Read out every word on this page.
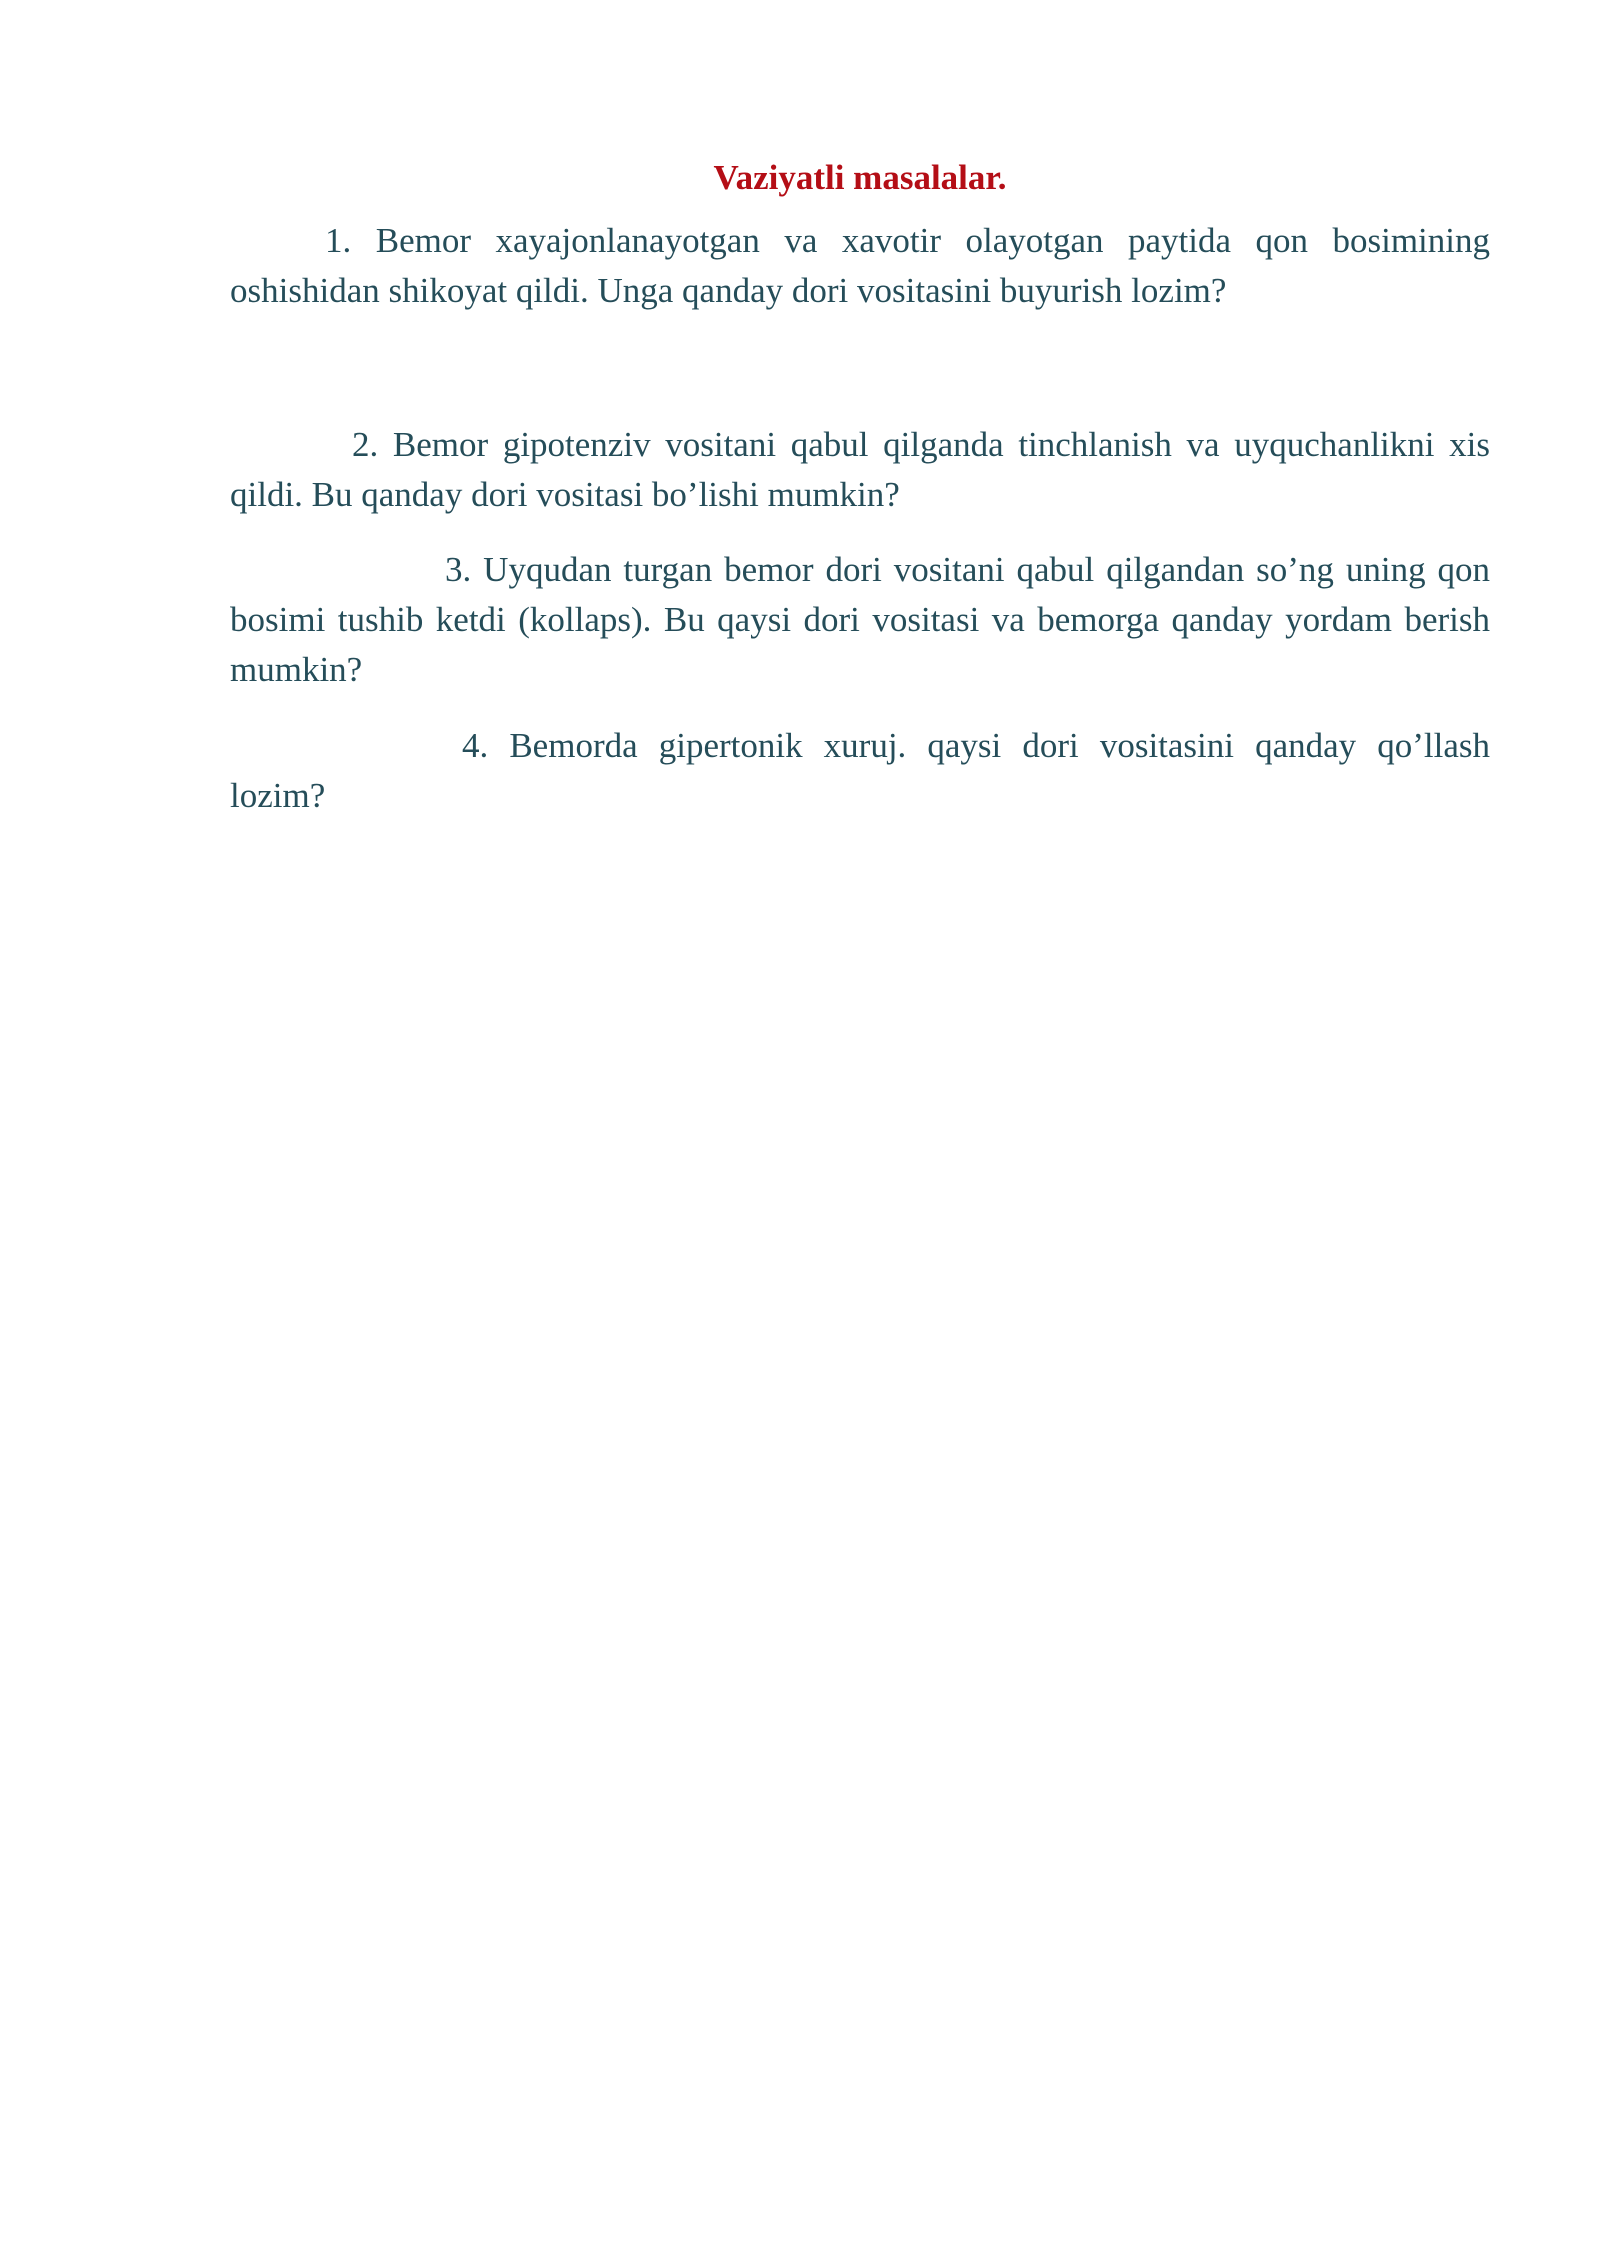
Vaziyatli masalalar.

1. Bemor xayajonlanayotgan va xavotir olayotgan paytida qon bosimining oshishidan shikoyat qildi. Unga qanday dori vositasini buyurish lozim?

2. Bemor gipotenziv vositani qabul qilganda tinchlanish va uyquchanlikni xis qildi. Bu qanday dori vositasi bo’lishi mumkin?

3. Uyqudan turgan bemor dori vositani qabul qilgandan so’ng uning qon bosimi tushib ketdi (kollaps). Bu qaysi dori vositasi va bemorga qanday yordam berish mumkin?

4. Bemorda gipertonik xuruj. qaysi dori vositasini qanday qo’llash lozim?
